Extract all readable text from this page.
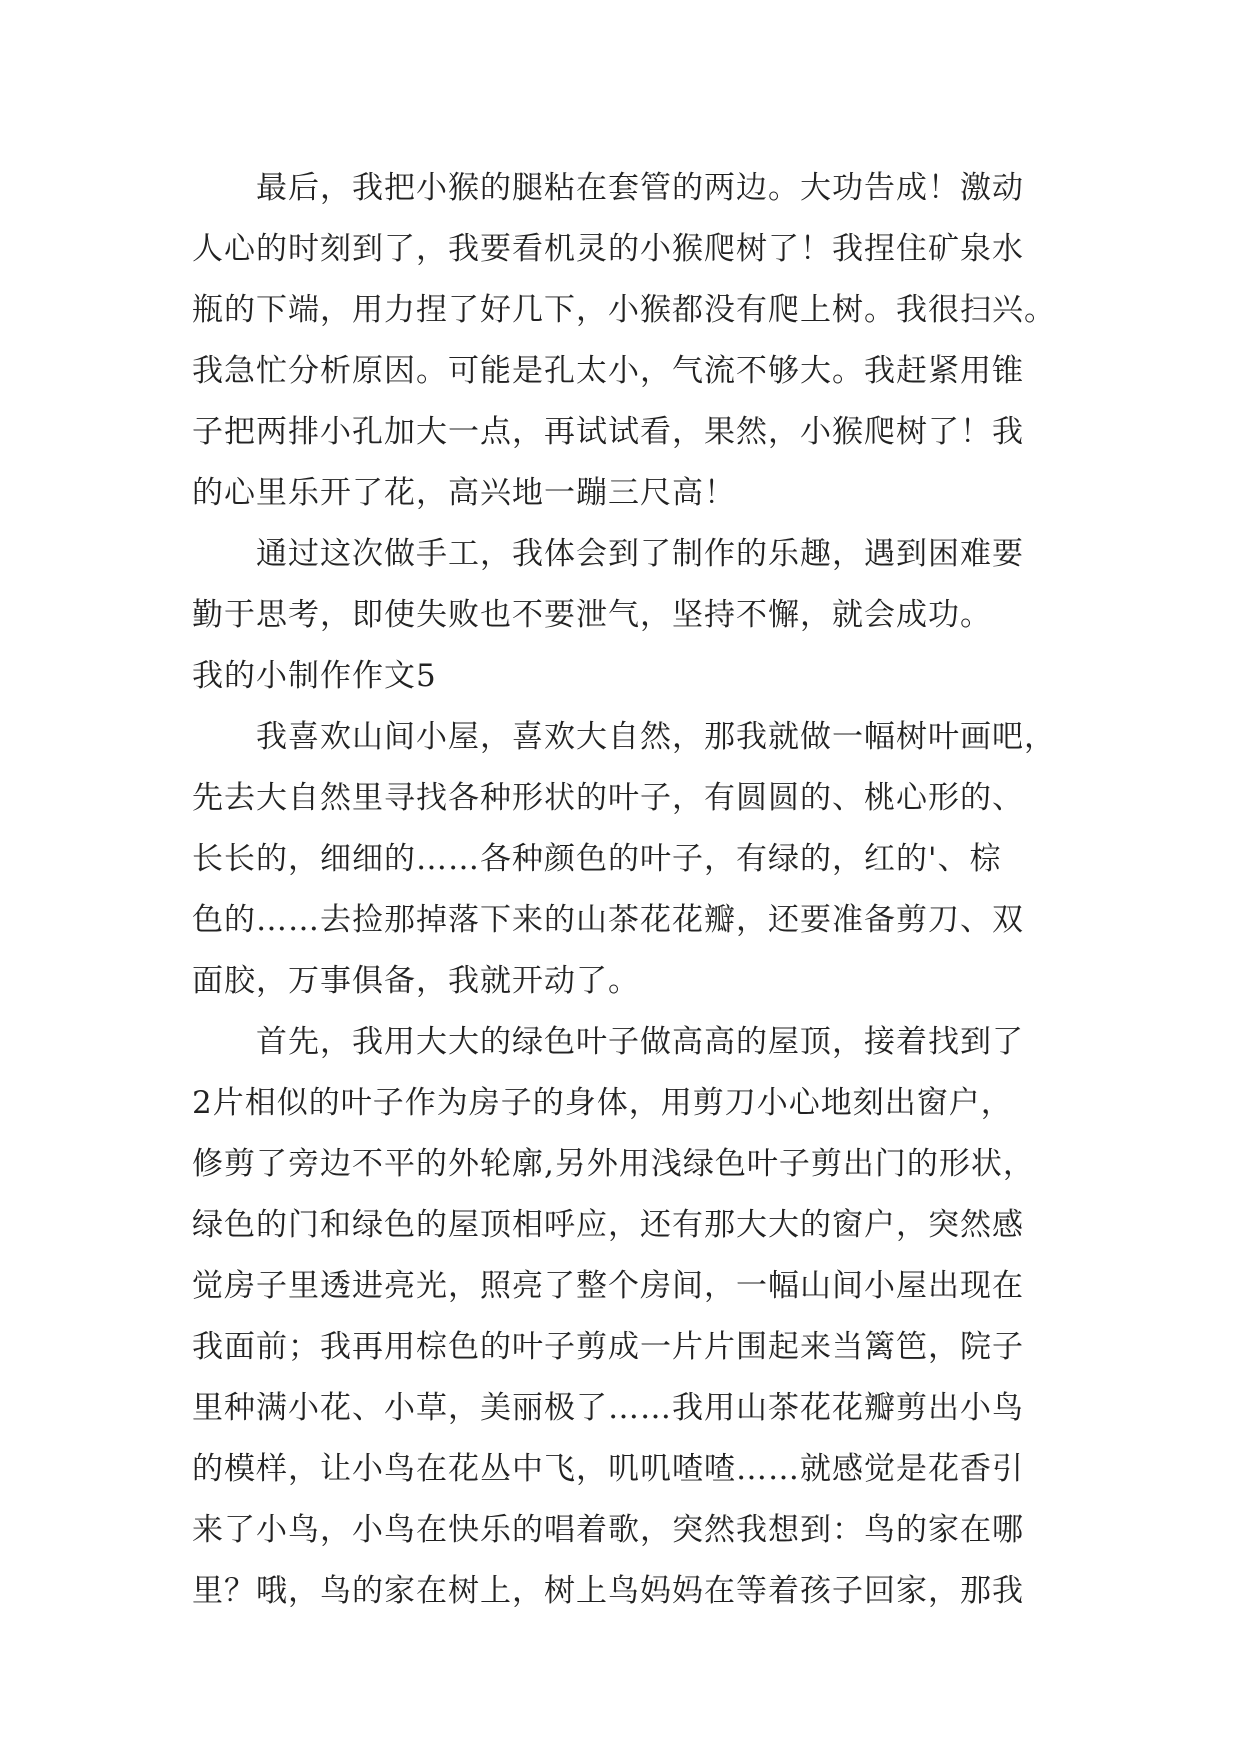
最后，我把小猴的腿粘在套管的两边。大功告成！激动
人心的时刻到了，我要看机灵的小猴爬树了！我捏住矿泉水
瓶的下端，用力捏了好几下，小猴都没有爬上树。我很扫兴。
我急忙分析原因。可能是孔太小，气流不够大。我赶紧用锥
子把两排小孔加大一点，再试试看，果然，小猴爬树了！我
的心里乐开了花，高兴地一蹦三尺高！
通过这次做手工，我体会到了制作的乐趣，遇到困难要
勤于思考，即使失败也不要泄气，坚持不懈，就会成功。
我的小制作作文5
我喜欢山间小屋，喜欢大自然，那我就做一幅树叶画吧，
先去大自然里寻找各种形状的叶子，有圆圆的、桃心形的、
长长的，细细的……各种颜色的叶子，有绿的，红的'、棕
色的……去捡那掉落下来的山茶花花瓣，还要准备剪刀、双
面胶，万事俱备，我就开动了。
首先，我用大大的绿色叶子做高高的屋顶，接着找到了
2片相似的叶子作为房子的身体，用剪刀小心地刻出窗户，
修剪了旁边不平的外轮廓,另外用浅绿色叶子剪出门的形状，
绿色的门和绿色的屋顶相呼应，还有那大大的窗户，突然感
觉房子里透进亮光，照亮了整个房间，一幅山间小屋出现在
我面前；我再用棕色的叶子剪成一片片围起来当篱笆，院子
里种满小花、小草，美丽极了……我用山茶花花瓣剪出小鸟
的模样，让小鸟在花丛中飞，叽叽喳喳……就感觉是花香引
来了小鸟，小鸟在快乐的唱着歌，突然我想到：鸟的家在哪
里？哦，鸟的家在树上，树上鸟妈妈在等着孩子回家，那我
